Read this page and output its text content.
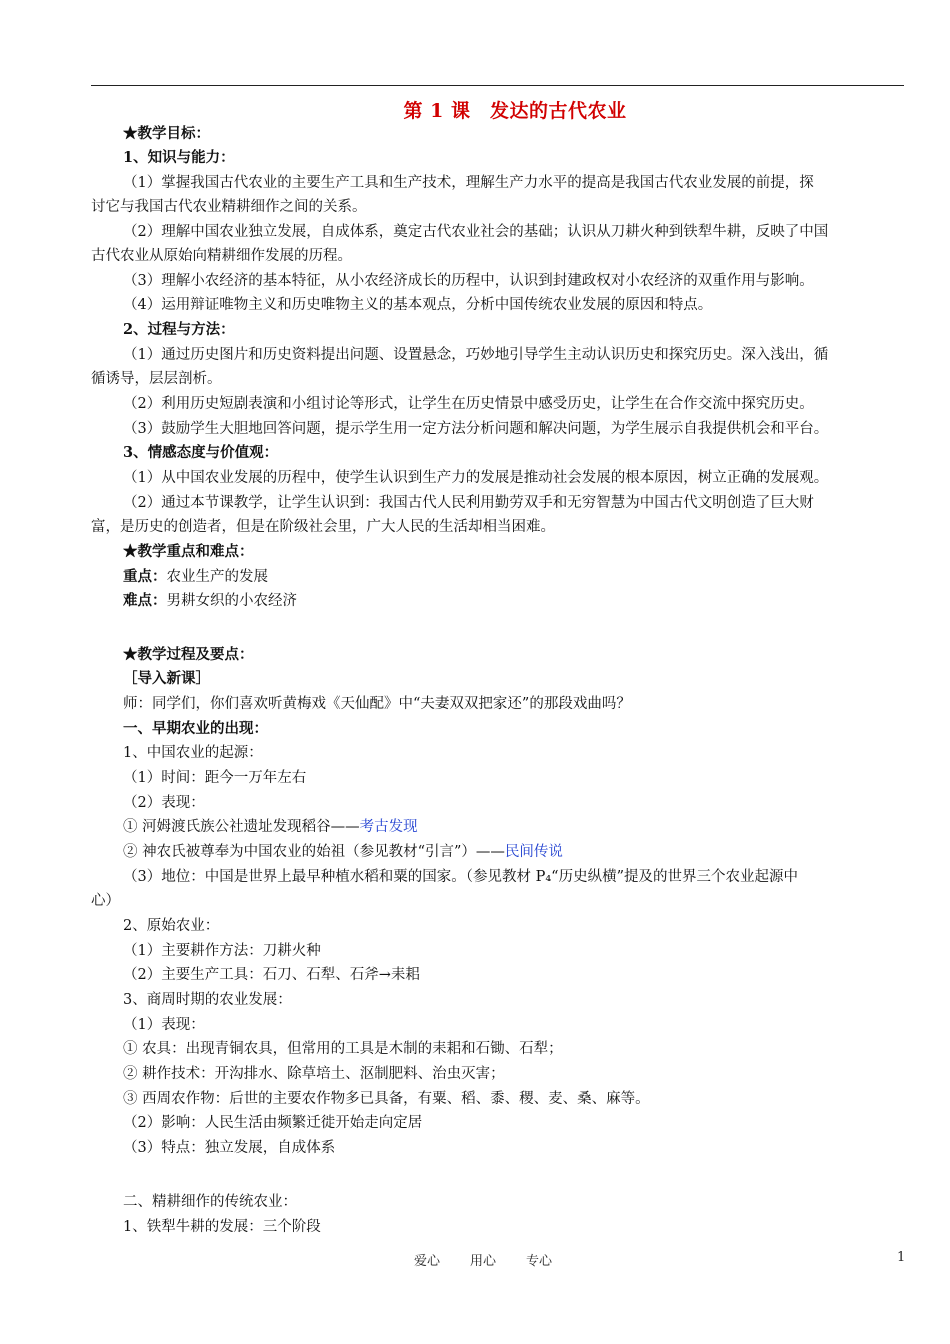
第 1 课　发达的古代农业
★教学目标：
1、知识与能力：
（1）掌握我国古代农业的主要生产工具和生产技术，理解生产力水平的提高是我国古代农业发展的前提，探
讨它与我国古代农业精耕细作之间的关系。
（2）理解中国农业独立发展，自成体系，奠定古代农业社会的基础；认识从刀耕火种到铁犁牛耕，反映了中国
古代农业从原始向精耕细作发展的历程。
（3）理解小农经济的基本特征，从小农经济成长的历程中，认识到封建政权对小农经济的双重作用与影响。
（4）运用辩证唯物主义和历史唯物主义的基本观点，分析中国传统农业发展的原因和特点。
2、过程与方法：
（1）通过历史图片和历史资料提出问题、设置悬念，巧妙地引导学生主动认识历史和探究历史。深入浅出，循
循诱导，层层剖析。
（2）利用历史短剧表演和小组讨论等形式，让学生在历史情景中感受历史，让学生在合作交流中探究历史。
（3）鼓励学生大胆地回答问题，提示学生用一定方法分析问题和解决问题，为学生展示自我提供机会和平台。
3、情感态度与价值观：
（1）从中国农业发展的历程中，使学生认识到生产力的发展是推动社会发展的根本原因，树立正确的发展观。
（2）通过本节课教学，让学生认识到：我国古代人民利用勤劳双手和无穷智慧为中国古代文明创造了巨大财
富，是历史的创造者，但是在阶级社会里，广大人民的生活却相当困难。
★教学重点和难点：
重点：农业生产的发展
难点：男耕女织的小农经济
★教学过程及要点：
［导入新课］
师：同学们，你们喜欢听黄梅戏《天仙配》中“夫妻双双把家还”的那段戏曲吗？
一、早期农业的出现：
1、中国农业的起源：
（1）时间：距今一万年左右
（2）表现：
① 河姆渡氏族公社遗址发现稻谷——考古发现
② 神农氏被尊奉为中国农业的始祖（参见教材“引言”）——民间传说
（3）地位：中国是世界上最早种植水稻和粟的国家。（参见教材 P₄“历史纵横”提及的世界三个农业起源中
心）
2、原始农业：
（1）主要耕作方法：刀耕火种
（2）主要生产工具：石刀、石犁、石斧→耒耜
3、商周时期的农业发展：
（1）表现：
① 农具：出现青铜农具，但常用的工具是木制的耒耜和石锄、石犁；
② 耕作技术：开沟排水、除草培土、沤制肥料、治虫灭害；
③ 西周农作物：后世的主要农作物多已具备，有粟、稻、黍、稷、麦、桑、麻等。
（2）影响：人民生活由频繁迁徙开始走向定居
（3）特点：独立发展，自成体系
二、精耕细作的传统农业：
1、铁犁牛耕的发展：三个阶段
爱心 用心 专心	1
